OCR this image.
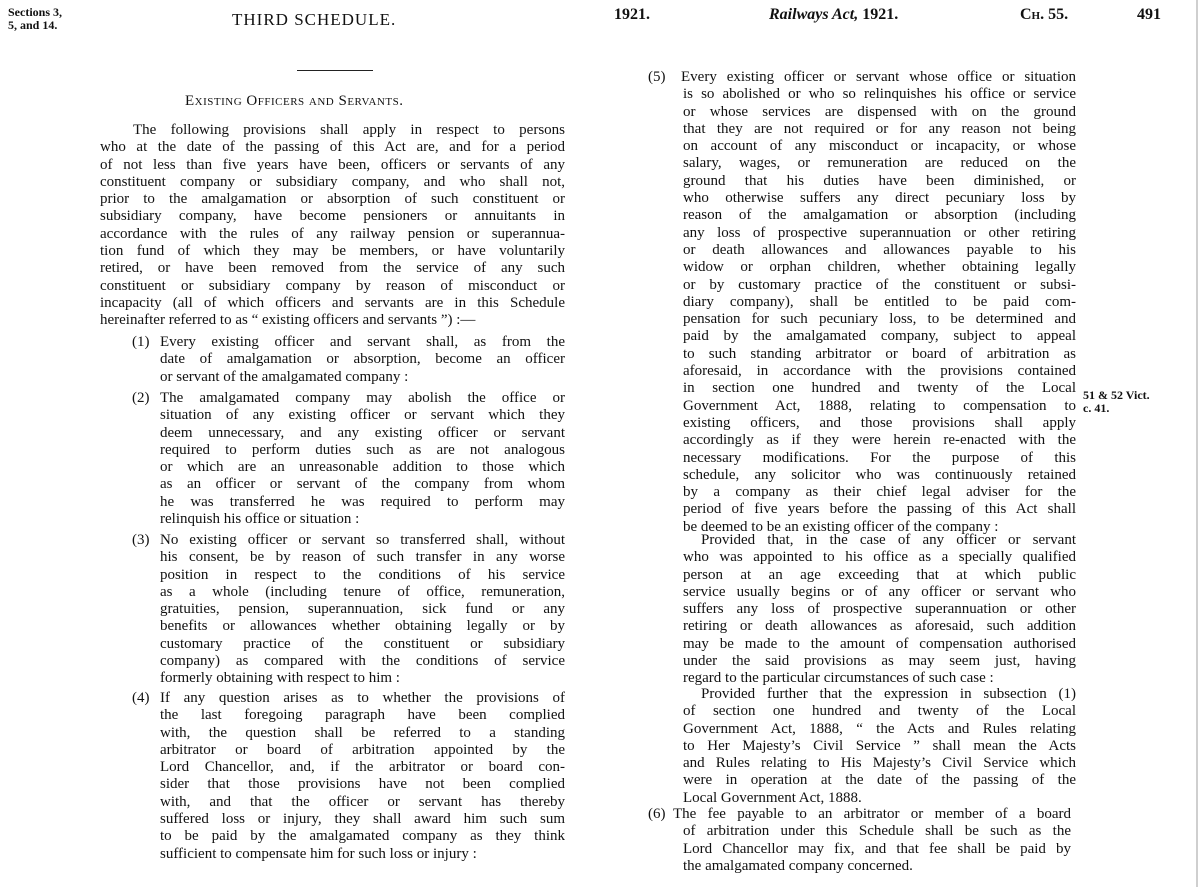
Sections 3,
5, and 14.	THIRD SCHEDULE.
Existing Officers and Servants.
The following provisions shall apply in respect to persons
who at the date of the passing of this Act are, and for a period
of not less than five years have been, officers or servants of any
constituent company or subsidiary company, and who shall not,
prior to the amalgamation or absorption of such constituent or
subsidiary company, have become pensioners or annuitants in
accordance with the rules of any railway pension or superannua-
tion fund of which they may be members, or have voluntarily
retired, or have been removed from the service of any such
constituent or subsidiary company by reason of misconduct or
incapacity (all of which officers and servants are in this Schedule
hereinafter referred to as “ existing officers and servants ”) :—
(1) Every existing officer and servant shall, as from the
date of amalgamation or absorption, become an officer
or servant of the amalgamated company :
(2) The amalgamated company may abolish the office or
situation of any existing officer or servant which they
deem unnecessary, and any existing officer or servant
required to perform duties such as are not analogous
or which are an unreasonable addition to those which
as an officer or servant of the company from whom
he was transferred he was required to perform may
relinquish his office or situation :
(3) No existing officer or servant so transferred shall, without
his consent, be by reason of such transfer in any worse
position in respect to the conditions of his service
as a whole (including tenure of office, remuneration,
gratuities, pension, superannuation, sick fund or any
benefits or allowances whether obtaining legally or by
customary practice of the constituent or subsidiary
company) as compared with the conditions of service
formerly obtaining with respect to him :
(4) If any question arises as to whether the provisions of
the last foregoing paragraph have been complied
with, the question shall be referred to a standing
arbitrator or board of arbitration appointed by the
Lord Chancellor, and, if the arbitrator or board con-
sider that those provisions have not been complied
with, and that the officer or servant has thereby
suffered loss or injury, they shall award him such sum
to be paid by the amalgamated company as they think
sufficient to compensate him for such loss or injury :
1921.	Railways Act, 1921.	Ch. 55.	491
(5) Every existing officer or servant whose office or situation
is so abolished or who so relinquishes his office or service
or whose services are dispensed with on the ground
that they are not required or for any reason not being
on account of any misconduct or incapacity, or whose
salary, wages, or remuneration are reduced on the
ground that his duties have been diminished, or
who otherwise suffers any direct pecuniary loss by
reason of the amalgamation or absorption (including
any loss of prospective superannuation or other retiring
or death allowances and allowances payable to his
widow or orphan children, whether obtaining legally
or by customary practice of the constituent or subsi-
diary company), shall be entitled to be paid com-
pensation for such pecuniary loss, to be determined and
paid by the amalgamated company, subject to appeal
to such standing arbitrator or board of arbitration as
aforesaid, in accordance with the provisions contained
in section one hundred and twenty of the Local
Government Act, 1888, relating to compensation to
existing officers, and those provisions shall apply
accordingly as if they were herein re-enacted with the
necessary modifications. For the purpose of this
schedule, any solicitor who was continuously retained
by a company as their chief legal adviser for the
period of five years before the passing of this Act shall
be deemed to be an existing officer of the company :
Provided that, in the case of any officer or servant
who was appointed to his office as a specially qualified
person at an age exceeding that at which public
service usually begins or of any officer or servant who
suffers any loss of prospective superannuation or other
retiring or death allowances as aforesaid, such addition
may be made to the amount of compensation authorised
under the said provisions as may seem just, having
regard to the particular circumstances of such case :
Provided further that the expression in subsection (1)
of section one hundred and twenty of the Local
Government Act, 1888, “ the Acts and Rules relating
to Her Majesty’s Civil Service ” shall mean the Acts
and Rules relating to His Majesty’s Civil Service which
were in operation at the date of the passing of the
Local Government Act, 1888.
(6) The fee payable to an arbitrator or member of a board
of arbitration under this Schedule shall be such as the
Lord Chancellor may fix, and that fee shall be paid by
the amalgamated company concerned.
51 & 52 Vict.
c. 41.
